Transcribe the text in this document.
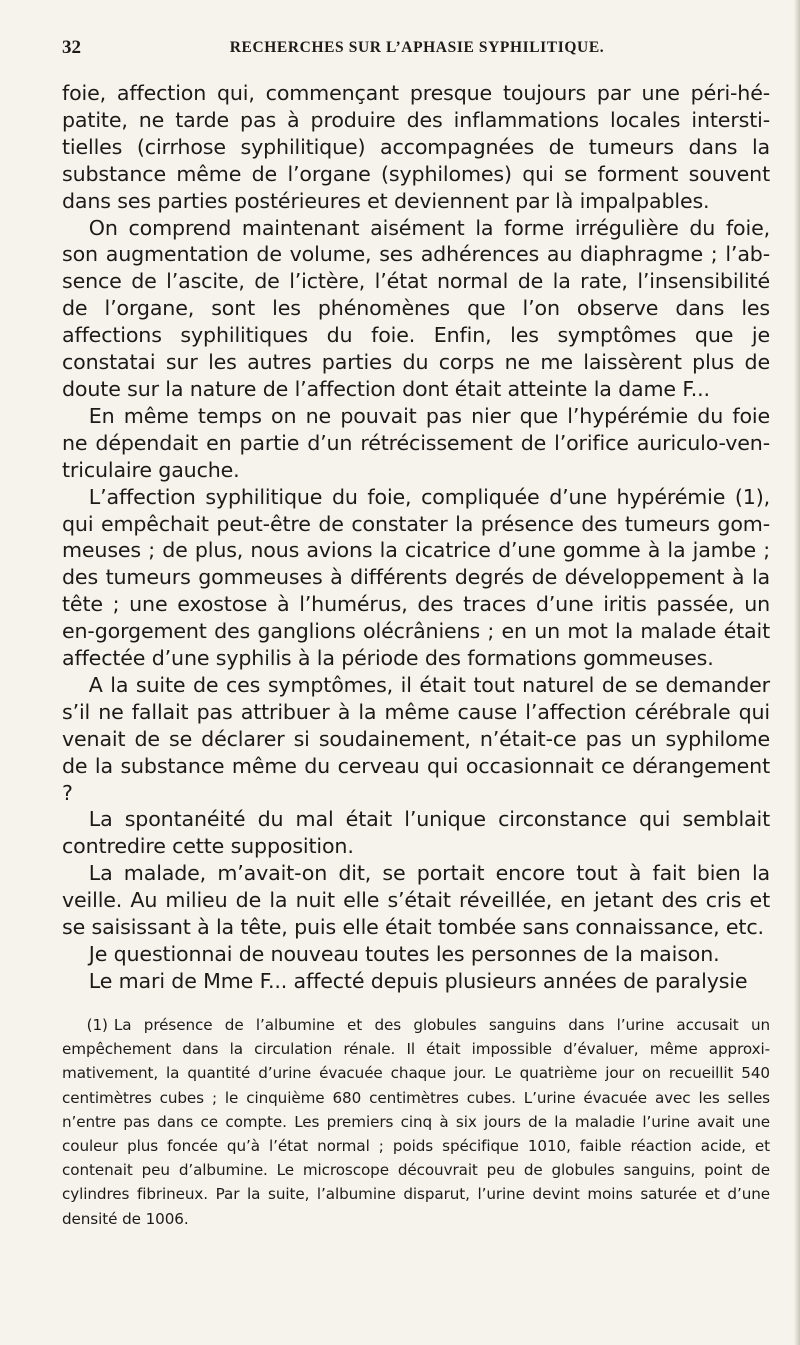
32	RECHERCHES SUR L’APHASIE SYPHILITIQUE.

foie, affection qui, commençant presque toujours par une péri-hé-patite, ne tarde pas à produire des inflammations locales intersti-tielles (cirrhose syphilitique) accompagnées de tumeurs dans la substance même de l’organe (syphilomes) qui se forment souvent dans ses parties postérieures et deviennent par là impalpables.

On comprend maintenant aisément la forme irrégulière du foie, son augmentation de volume, ses adhérences au diaphragme ; l’ab-sence de l’ascite, de l’ictère, l’état normal de la rate, l’insensibilité de l’organe, sont les phénomènes que l’on observe dans les affections syphilitiques du foie. Enfin, les symptômes que je constatai sur les autres parties du corps ne me laissèrent plus de doute sur la nature de l’affection dont était atteinte la dame F...

En même temps on ne pouvait pas nier que l’hypérémie du foie ne dépendait en partie d’un rétrécissement de l’orifice auriculo-ven-triculaire gauche.

L’affection syphilitique du foie, compliquée d’une hypérémie (1), qui empêchait peut-être de constater la présence des tumeurs gom-meuses ; de plus, nous avions la cicatrice d’une gomme à la jambe ; des tumeurs gommeuses à différents degrés de développement à la tête ; une exostose à l’humérus, des traces d’une iritis passée, un en-gorgement des ganglions olécrâniens ; en un mot la malade était affectée d’une syphilis à la période des formations gommeuses.

A la suite de ces symptômes, il était tout naturel de se demander s’il ne fallait pas attribuer à la même cause l’affection cérébrale qui venait de se déclarer si soudainement, n’était-ce pas un syphilome de la substance même du cerveau qui occasionnait ce dérangement ?

La spontanéité du mal était l’unique circonstance qui semblait contredire cette supposition.

La malade, m’avait-on dit, se portait encore tout à fait bien la veille. Au milieu de la nuit elle s’était réveillée, en jetant des cris et se saisissant à la tête, puis elle était tombée sans connaissance, etc.

Je questionnai de nouveau toutes les personnes de la maison.

Le mari de Mme F... affecté depuis plusieurs années de paralysie

(1) La présence de l’albumine et des globules sanguins dans l’urine accusait un empêchement dans la circulation rénale. Il était impossible d’évaluer, même approxi-mativement, la quantité d’urine évacuée chaque jour. Le quatrième jour on recueillit 540 centimètres cubes ; le cinquième 680 centimètres cubes. L’urine évacuée avec les selles n’entre pas dans ce compte. Les premiers cinq à six jours de la maladie l’urine avait une couleur plus foncée qu’à l’état normal ; poids spécifique 1010, faible réaction acide, et contenait peu d’albumine. Le microscope découvrait peu de globules sanguins, point de cylindres fibrineux. Par la suite, l’albumine disparut, l’urine devint moins saturée et d’une densité de 1006.
